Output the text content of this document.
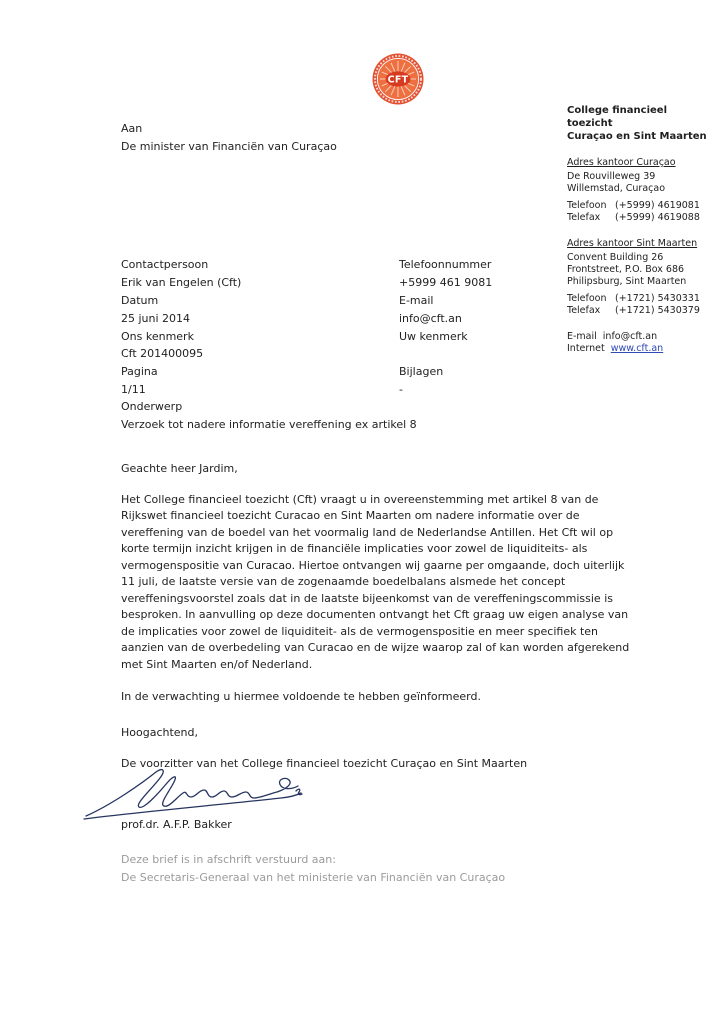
CFT
College financieel toezicht
Curaçao en Sint Maarten
Adres kantoor Curaçao
De Rouvilleweg 39
Willemstad, Curaçao
Telefoon (+5999) 4619081
Telefax	(+5999) 4619088
Adres kantoor Sint Maarten
Convent Building 26
Frontstreet, P.O. Box 686
Philipsburg, Sint Maarten
Telefoon (+1721) 5430331
Telefax	(+1721) 5430379
E-mail info@cft.an
Internet www.cft.an
Aan
De minister van Financiën van Curaçao
Contactpersoon
Erik van Engelen (Cft)
Datum
25 juni 2014
Ons kenmerk
Cft 201400095
Pagina
1/11
Telefoonnummer
+5999 461 9081
E-mail
info@cft.an
Uw kenmerk

Bijlagen
-
Onderwerp
Verzoek tot nadere informatie vereffening ex artikel 8
Geachte heer Jardim,
Het College financieel toezicht (Cft) vraagt u in overeenstemming met artikel 8 van de Rijkswet financieel toezicht Curacao en Sint Maarten om nadere informatie over de vereffening van de boedel van het voormalig land de Nederlandse Antillen. Het Cft wil op korte termijn inzicht krijgen in de financiële implicaties voor zowel de liquiditeits- als vermogenspositie van Curacao. Hiertoe ontvangen wij gaarne per omgaande, doch uiterlijk 11 juli, de laatste versie van de zogenaamde boedelbalans alsmede het concept vereffeningsvoorstel zoals dat in de laatste bijeenkomst van de vereffeningscommissie is besproken. In aanvulling op deze documenten ontvangt het Cft graag uw eigen analyse van de implicaties voor zowel de liquiditeit- als de vermogenspositie en meer specifiek ten aanzien van de overbedeling van Curacao en de wijze waarop zal of kan worden afgerekend met Sint Maarten en/of Nederland.
In de verwachting u hiermee voldoende te hebben geïnformeerd.
Hoogachtend,
De voorzitter van het College financieel toezicht Curaçao en Sint Maarten
prof.dr. A.F.P. Bakker
Deze brief is in afschrift verstuurd aan:
De Secretaris-Generaal van het ministerie van Financiën van Curaçao
